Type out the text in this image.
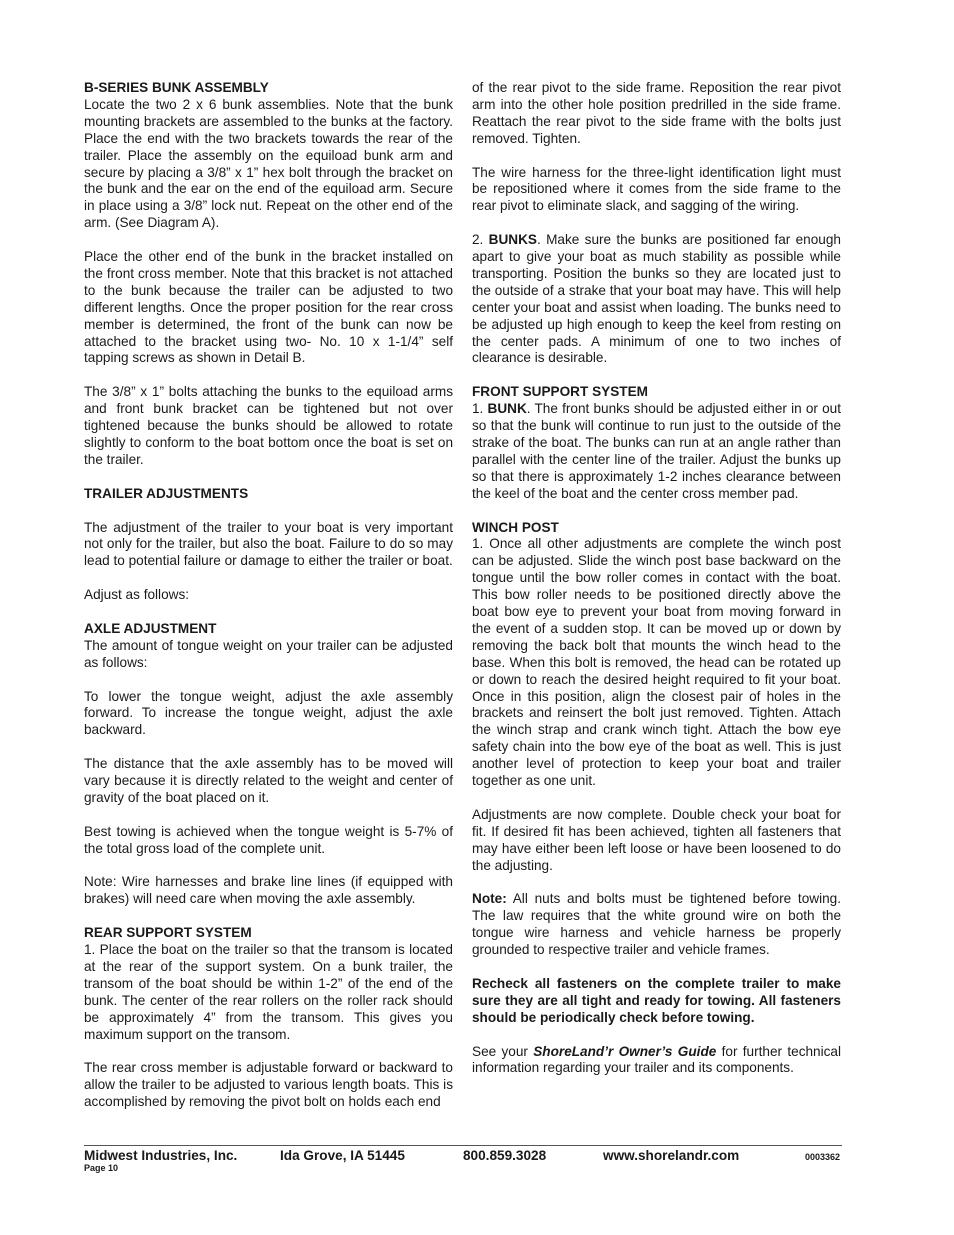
B-SERIES BUNK ASSEMBLY
Locate the two 2 x 6 bunk assemblies. Note that the bunk mounting brackets are assembled to the bunks at the factory. Place the end with the two brackets towards the rear of the trailer. Place the assembly on the equiload bunk arm and secure by placing a 3/8” x 1” hex bolt through the bracket on the bunk and the ear on the end of the equiload arm. Secure in place using a 3/8” lock nut. Repeat on the other end of the arm. (See Diagram A).

Place the other end of the bunk in the bracket installed on the front cross member. Note that this bracket is not attached to the bunk because the trailer can be adjusted to two different lengths. Once the proper position for the rear cross member is determined, the front of the bunk can now be attached to the bracket using two- No. 10 x 1-1/4” self tapping screws as shown in Detail B.

The 3/8” x 1” bolts attaching the bunks to the equiload arms and front bunk bracket can be tightened but not over tightened because the bunks should be allowed to rotate slightly to conform to the boat bottom once the boat is set on the trailer.

TRAILER ADJUSTMENTS

The adjustment of the trailer to your boat is very important not only for the trailer, but also the boat. Failure to do so may lead to potential failure or damage to either the trailer or boat.

Adjust as follows:

AXLE ADJUSTMENT
The amount of tongue weight on your trailer can be adjusted as follows:

To lower the tongue weight, adjust the axle assembly forward. To increase the tongue weight, adjust the axle backward.

The distance that the axle assembly has to be moved will vary because it is directly related to the weight and center of gravity of the boat placed on it.

Best towing is achieved when the tongue weight is 5-7% of the total gross load of the complete unit.

Note: Wire harnesses and brake line lines (if equipped with brakes) will need care when moving the axle assembly.

REAR SUPPORT SYSTEM
1. Place the boat on the trailer so that the transom is located at the rear of the support system. On a bunk trailer, the transom of the boat should be within 1-2” of the end of the bunk. The center of the rear rollers on the roller rack should be approximately 4” from the transom. This gives you maximum support on the transom.

The rear cross member is adjustable forward or backward to allow the trailer to be adjusted to various length boats. This is accomplished by removing the pivot bolt on holds each end

of the rear pivot to the side frame. Reposition the rear pivot arm into the other hole position predrilled in the side frame. Reattach the rear pivot to the side frame with the bolts just removed. Tighten.

The wire harness for the three-light identification light must be repositioned where it comes from the side frame to the rear pivot to eliminate slack, and sagging of the wiring.

2. BUNKS. Make sure the bunks are positioned far enough apart to give your boat as much stability as possible while transporting. Position the bunks so they are located just to the outside of a strake that your boat may have. This will help center your boat and assist when loading. The bunks need to be adjusted up high enough to keep the keel from resting on the center pads. A minimum of one to two inches of clearance is desirable.

FRONT SUPPORT SYSTEM
1. BUNK. The front bunks should be adjusted either in or out so that the bunk will continue to run just to the outside of the strake of the boat. The bunks can run at an angle rather than parallel with the center line of the trailer. Adjust the bunks up so that there is approximately 1-2 inches clearance between the keel of the boat and the center cross member pad.

WINCH POST
1. Once all other adjustments are complete the winch post can be adjusted. Slide the winch post base backward on the tongue until the bow roller comes in contact with the boat. This bow roller needs to be positioned directly above the boat bow eye to prevent your boat from moving forward in the event of a sudden stop. It can be moved up or down by removing the back bolt that mounts the winch head to the base. When this bolt is removed, the head can be rotated up or down to reach the desired height required to fit your boat. Once in this position, align the closest pair of holes in the brackets and reinsert the bolt just removed. Tighten. Attach the winch strap and crank winch tight. Attach the bow eye safety chain into the bow eye of the boat as well. This is just another level of protection to keep your boat and trailer together as one unit.

Adjustments are now complete. Double check your boat for fit. If desired fit has been achieved, tighten all fasteners that may have either been left loose or have been loosened to do the adjusting.

Note: All nuts and bolts must be tightened before towing. The law requires that the white ground wire on both the tongue wire harness and vehicle harness be properly grounded to respective trailer and vehicle frames.

Recheck all fasteners on the complete trailer to make sure they are all tight and ready for towing. All fasteners should be periodically check before towing.

See your ShoreLand’r Owner’s Guide for further technical information regarding your trailer and its components.

Midwest Industries, Inc.	Ida Grove, IA 51445	800.859.3028	www.shorelandr.com	0003362
Page 10
